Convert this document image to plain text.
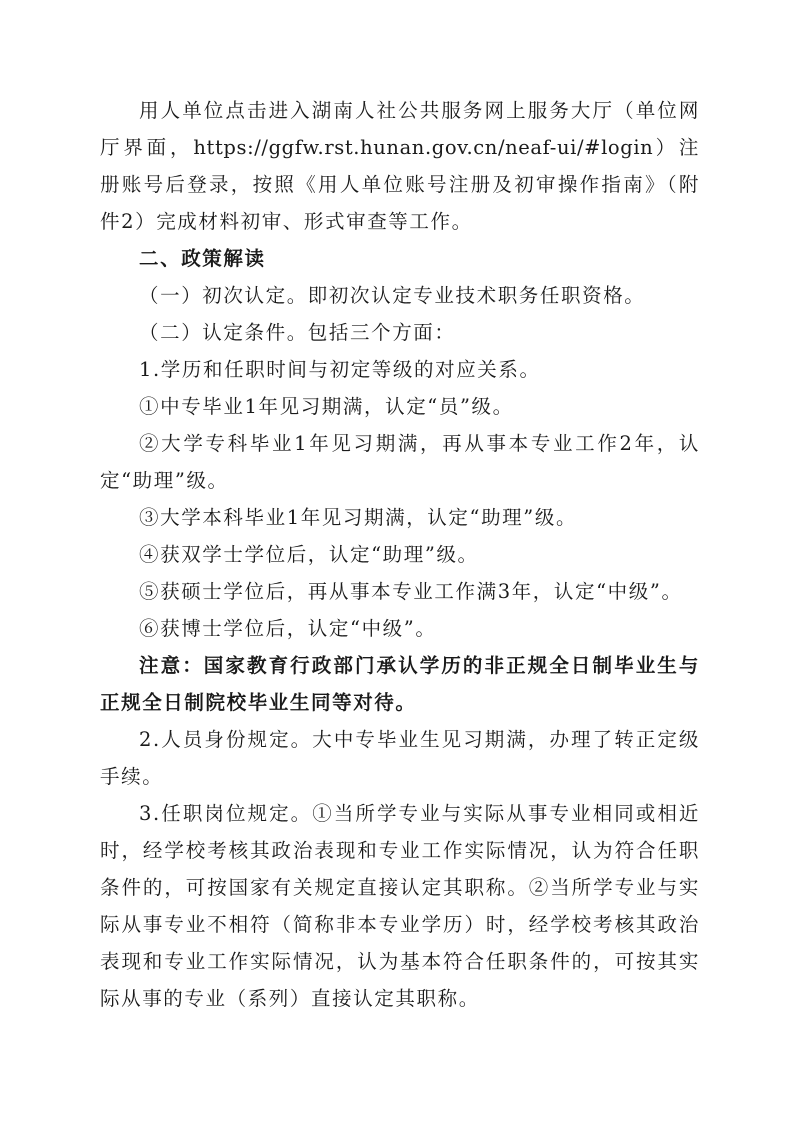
用人单位点击进入湖南人社公共服务网上服务大厅（单位网厅界面，https://ggfw.rst.hunan.gov.cn/neaf-ui/#login）注册账号后登录，按照《用人单位账号注册及初审操作指南》（附件2）完成材料初审、形式审查等工作。

二、政策解读

（一）初次认定。即初次认定专业技术职务任职资格。

（二）认定条件。包括三个方面：

1.学历和任职时间与初定等级的对应关系。

①中专毕业1年见习期满，认定“员”级。

②大学专科毕业1年见习期满，再从事本专业工作2年，认定“助理”级。

③大学本科毕业1年见习期满，认定“助理”级。

④获双学士学位后，认定“助理”级。

⑤获硕士学位后，再从事本专业工作满3年，认定“中级”。

⑥获博士学位后，认定“中级”。

注意：国家教育行政部门承认学历的非正规全日制毕业生与正规全日制院校毕业生同等对待。

2.人员身份规定。大中专毕业生见习期满，办理了转正定级手续。

3.任职岗位规定。①当所学专业与实际从事专业相同或相近时，经学校考核其政治表现和专业工作实际情况，认为符合任职条件的，可按国家有关规定直接认定其职称。②当所学专业与实际从事专业不相符（简称非本专业学历）时，经学校考核其政治表现和专业工作实际情况，认为基本符合任职条件的，可按其实际从事的专业（系列）直接认定其职称。
